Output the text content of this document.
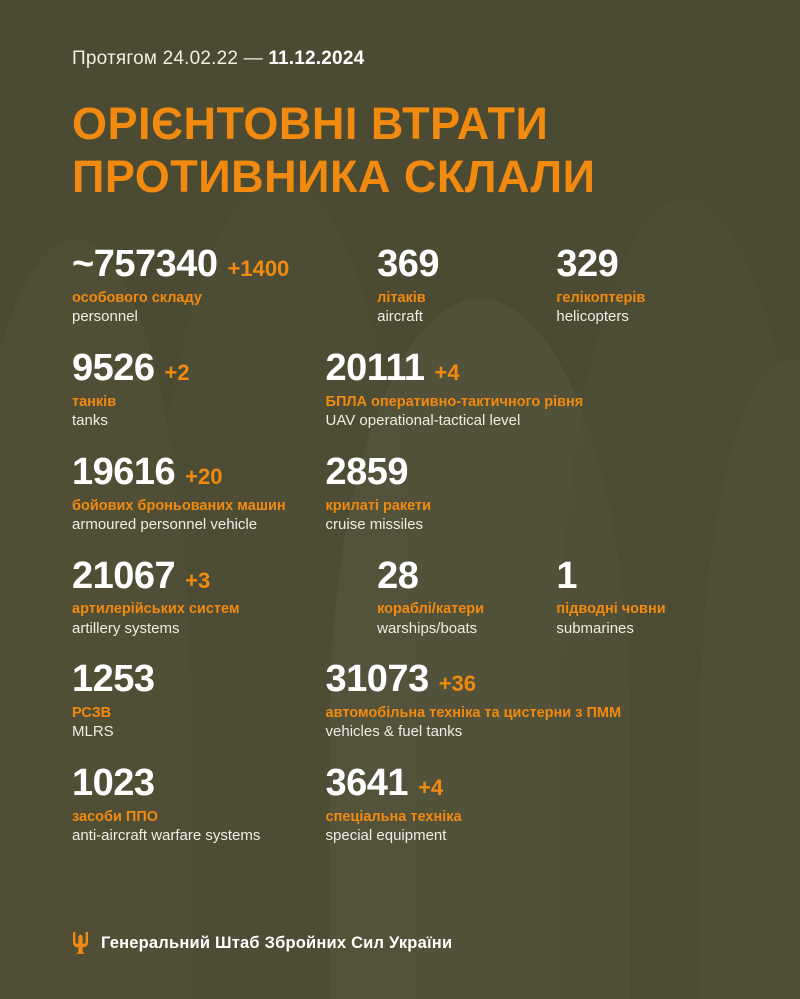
Протягом 24.02.22 — 11.12.2024
ОРІЄНТОВНІ ВТРАТИ
ПРОТИВНИКА СКЛАЛИ
~757340 +1400
особового складу
personnel
369
літаків
aircraft
329
гелікоптерів
helicopters
9526 +2
танків
tanks
20111 +4
БПЛА оперативно-тактичного рівня
UAV operational-tactical level
19616 +20
бойових броньованих машин
armoured personnel vehicle
2859
крилаті ракети
cruise missiles
21067 +3
артилерійських систем
artillery systems
28
кораблі/катери
warships/boats
1
підводні човни
submarines
1253
РСЗВ
MLRS
31073 +36
автомобільна техніка та цистерни з ПММ
vehicles & fuel tanks
1023
засоби ППО
anti-aircraft warfare systems
3641 +4
спеціальна техніка
special equipment
Генеральний Штаб Збройних Сил України
